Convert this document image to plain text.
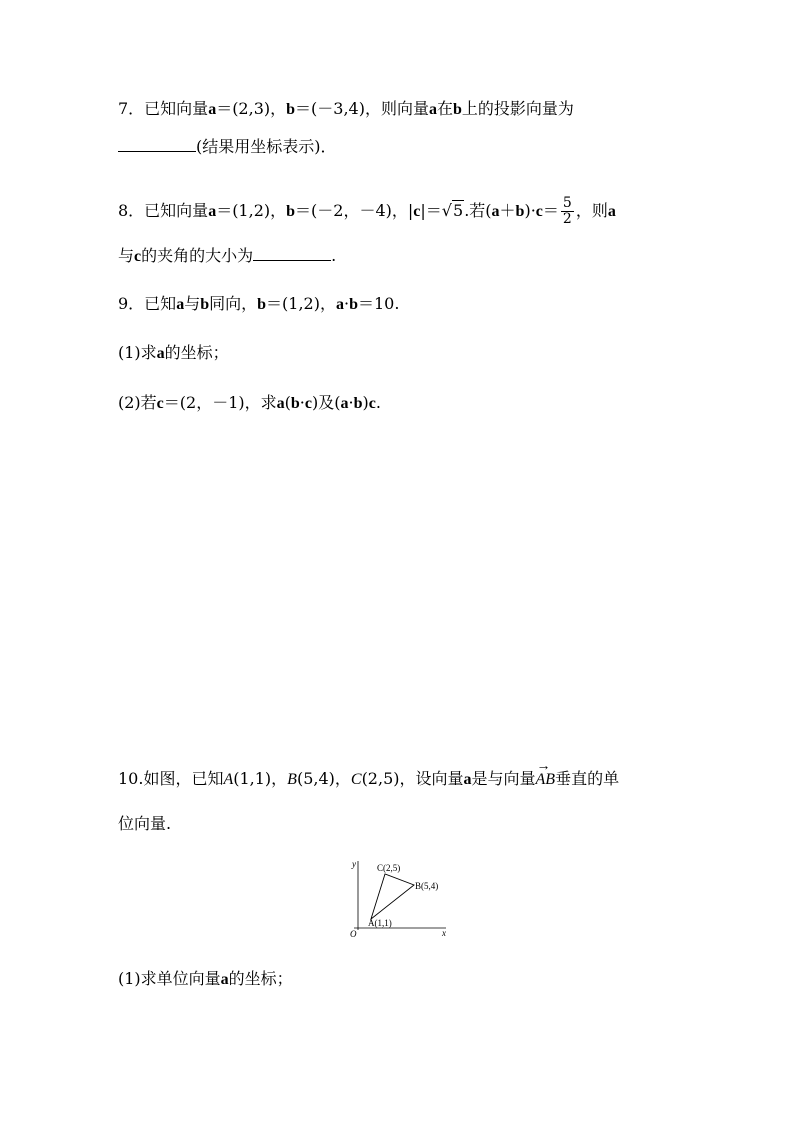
7．已知向量a＝(2,3)，b＝(－3,4)，则向量a在b上的投影向量为
(结果用坐标表示)．
8．已知向量a＝(1,2)，b＝(－2，－4)，|c|＝√5.若$(a+b)\cdot c= \frac{5}{2}$ ，则a
与c的夹角的大小为	.
9．已知a与b同向，b＝(1,2)，a·b＝10.
(1)求a的坐标；
(2)若c＝(2，－1)，求a(b·c)及(a·b)c.
10.如图，已知A(1,1)，B(5,4)，C(2,5)，设向量a是与向量→ AB垂直的单
位向量.
y
x
O
C(2,5)
B(5,4)
A(1,1)
(1)求单位向量a的坐标；
